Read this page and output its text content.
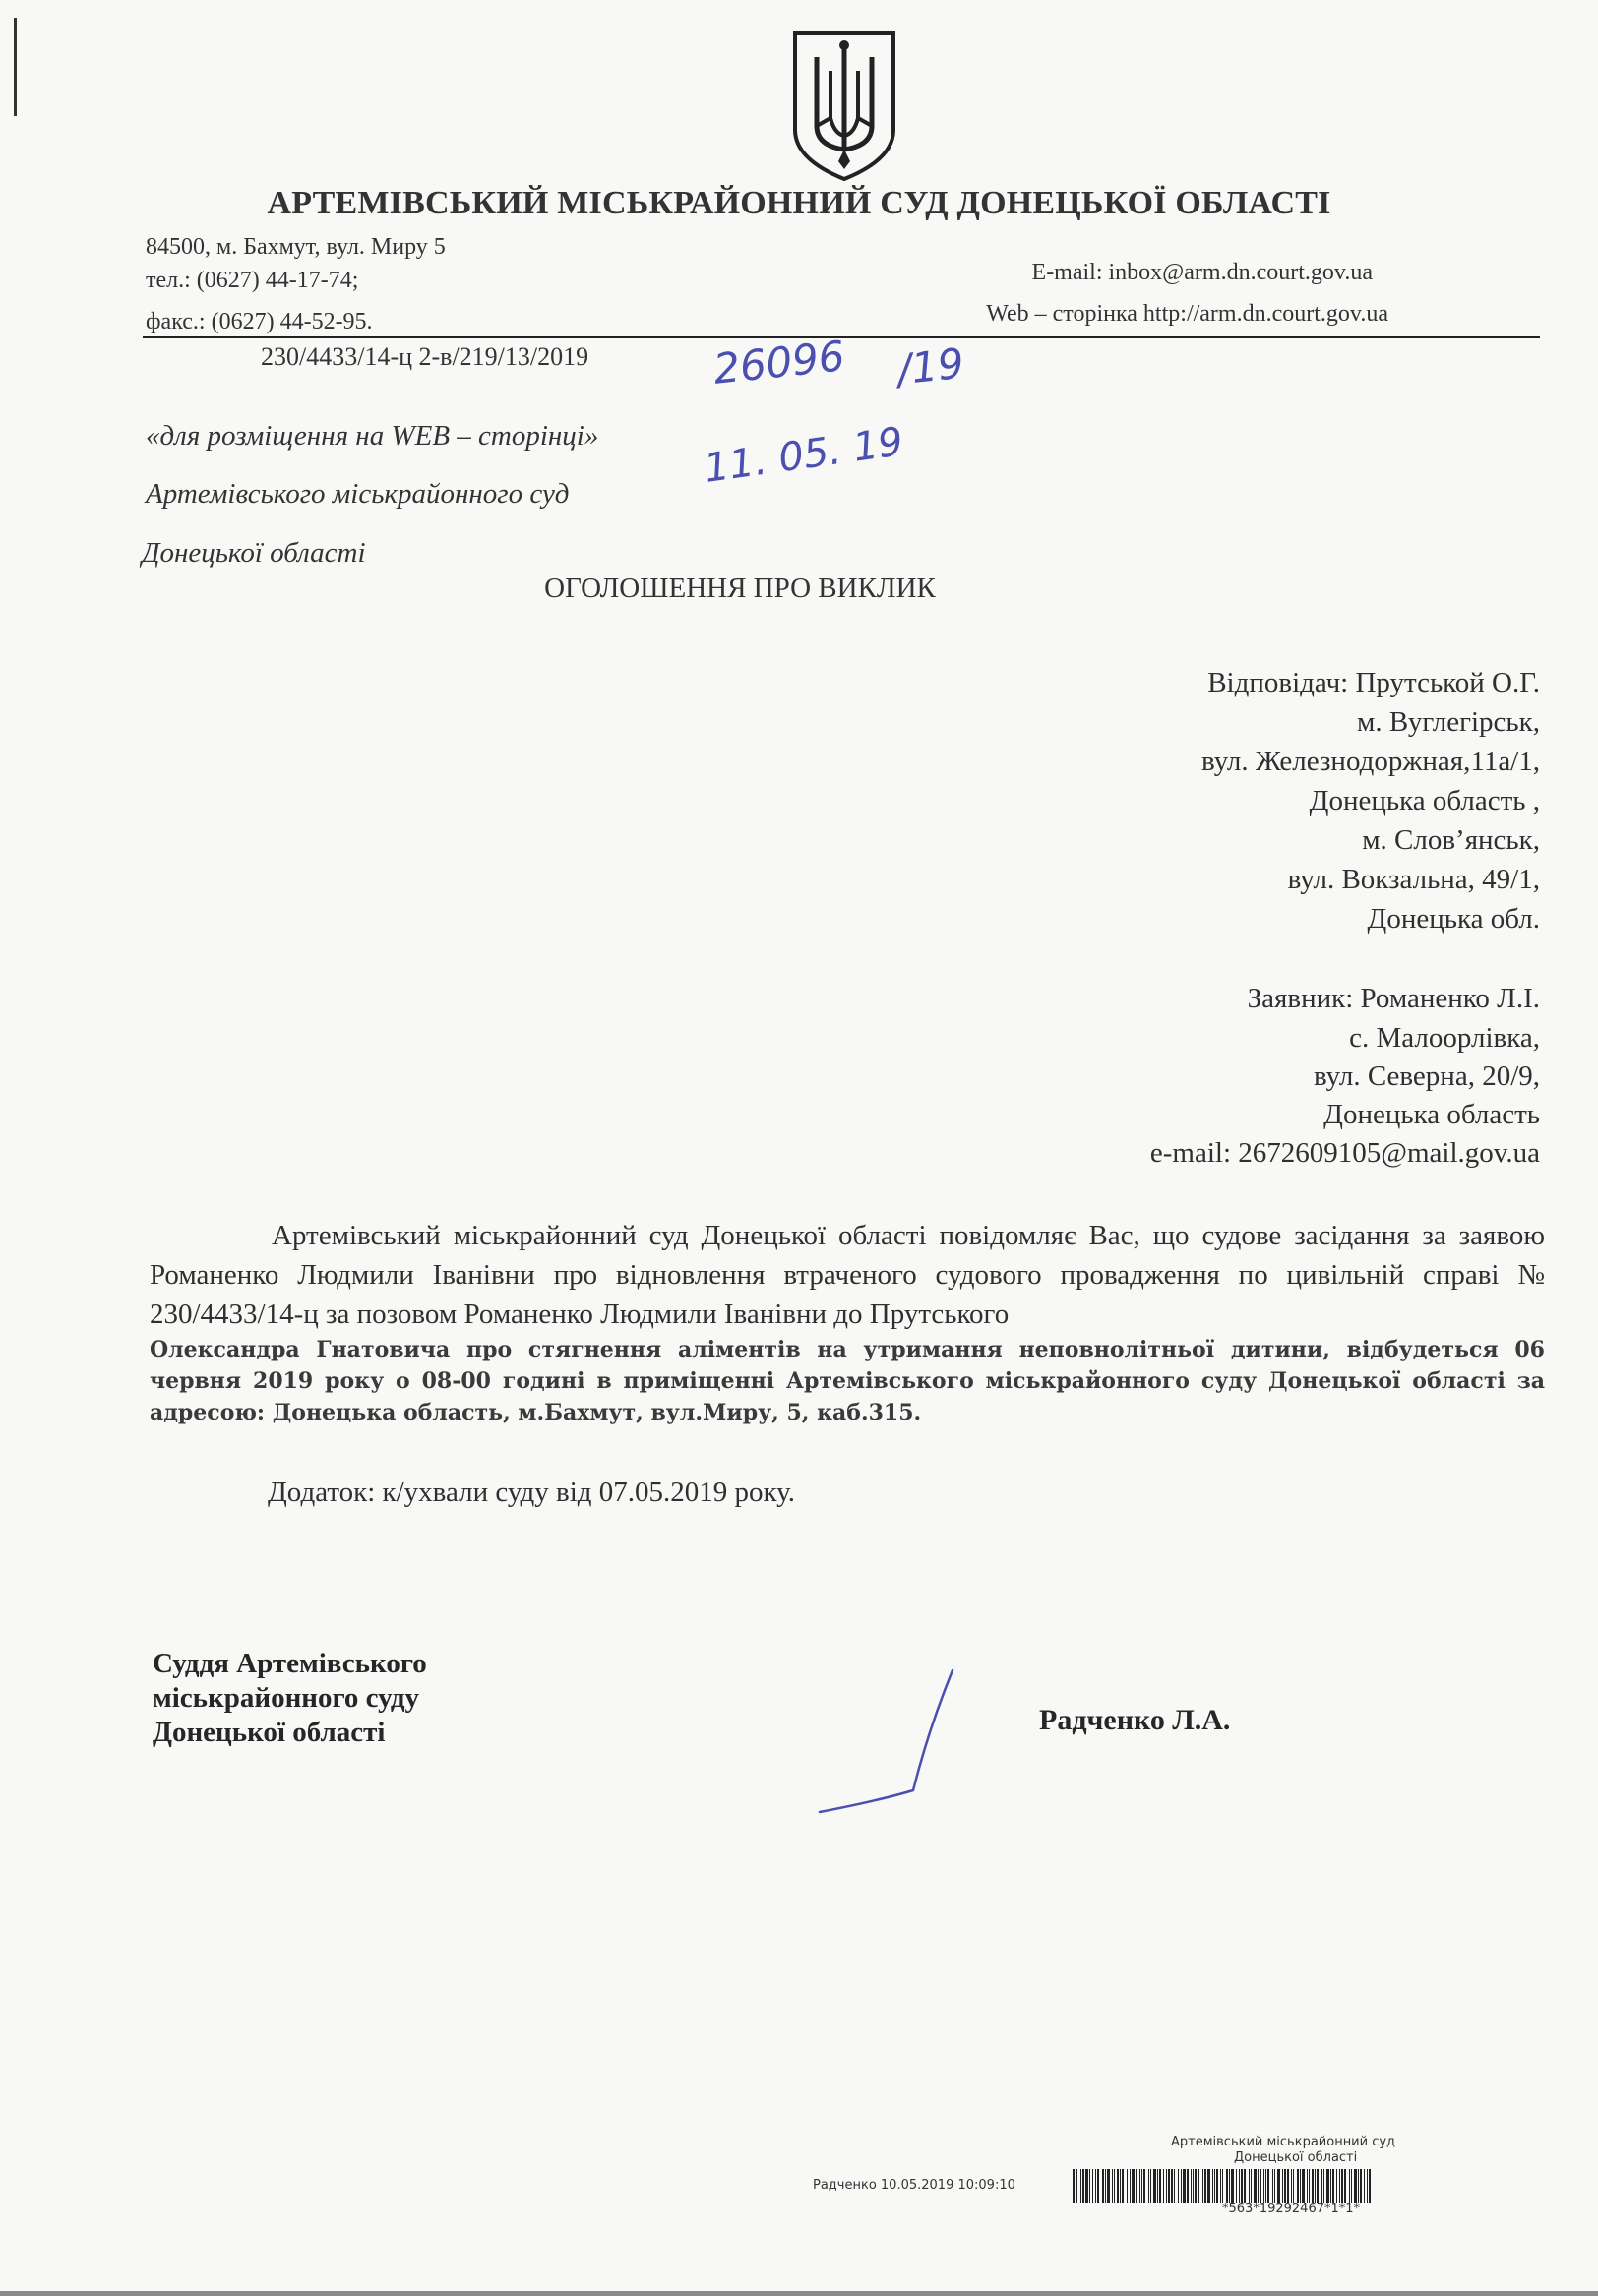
АРТЕМІВСЬКИЙ МІСЬКРАЙОННИЙ СУД ДОНЕЦЬКОЇ ОБЛАСТІ
84500, м. Бахмут, вул. Миру 5
тел.: (0627) 44-17-74;
факс.: (0627) 44-52-95.
E-mail: inbox@arm.dn.court.gov.ua
Web – сторінка http://arm.dn.court.gov.ua
230/4433/14-ц 2-в/219/13/2019	26096 /19
11. 05. 19
«для розміщення на WEB – сторінці»
Артемівського міськрайонного суд
Донецької області
ОГОЛОШЕННЯ ПРО ВИКЛИК
Відповідач: Прутськой О.Г.
м. Вуглегірськ,
вул. Железнодоржная,11а/1,
Донецька область ,
м. Слов’янськ,
вул. Вокзальна, 49/1,
Донецька обл.
Заявник: Романенко Л.І.
с. Малоорлівка,
вул. Северна, 20/9,
Донецька область
e-mail: 2672609105@mail.gov.ua

Артемівський міськрайонний суд Донецької області повідомляє Вас, що судове засідання за заявою Романенко Людмили Іванівни про відновлення втраченого судового провадження по цивільній справі № 230/4433/14-ц за позовом Романенко Людмили Іванівни до Прутського

Олександра Гнатовича про стягнення аліментів на утримання неповнолітньої дитини, відбудеться 06 червня 2019 року о 08-00 годині в приміщенні Артемівського міськрайонного суду Донецької області за адресою: Донецька область, м.Бахмут, вул.Миру, 5, каб.315.

Додаток: к/ухвали суду від 07.05.2019 року.
Суддя Артемівського
міськрайонного суду
Донецької області	Радченко Л.А.
Артемівський міськрайонний суд
Донецької області
Радченко 10.05.2019 10:09:10
*563*19292467*1*1*
